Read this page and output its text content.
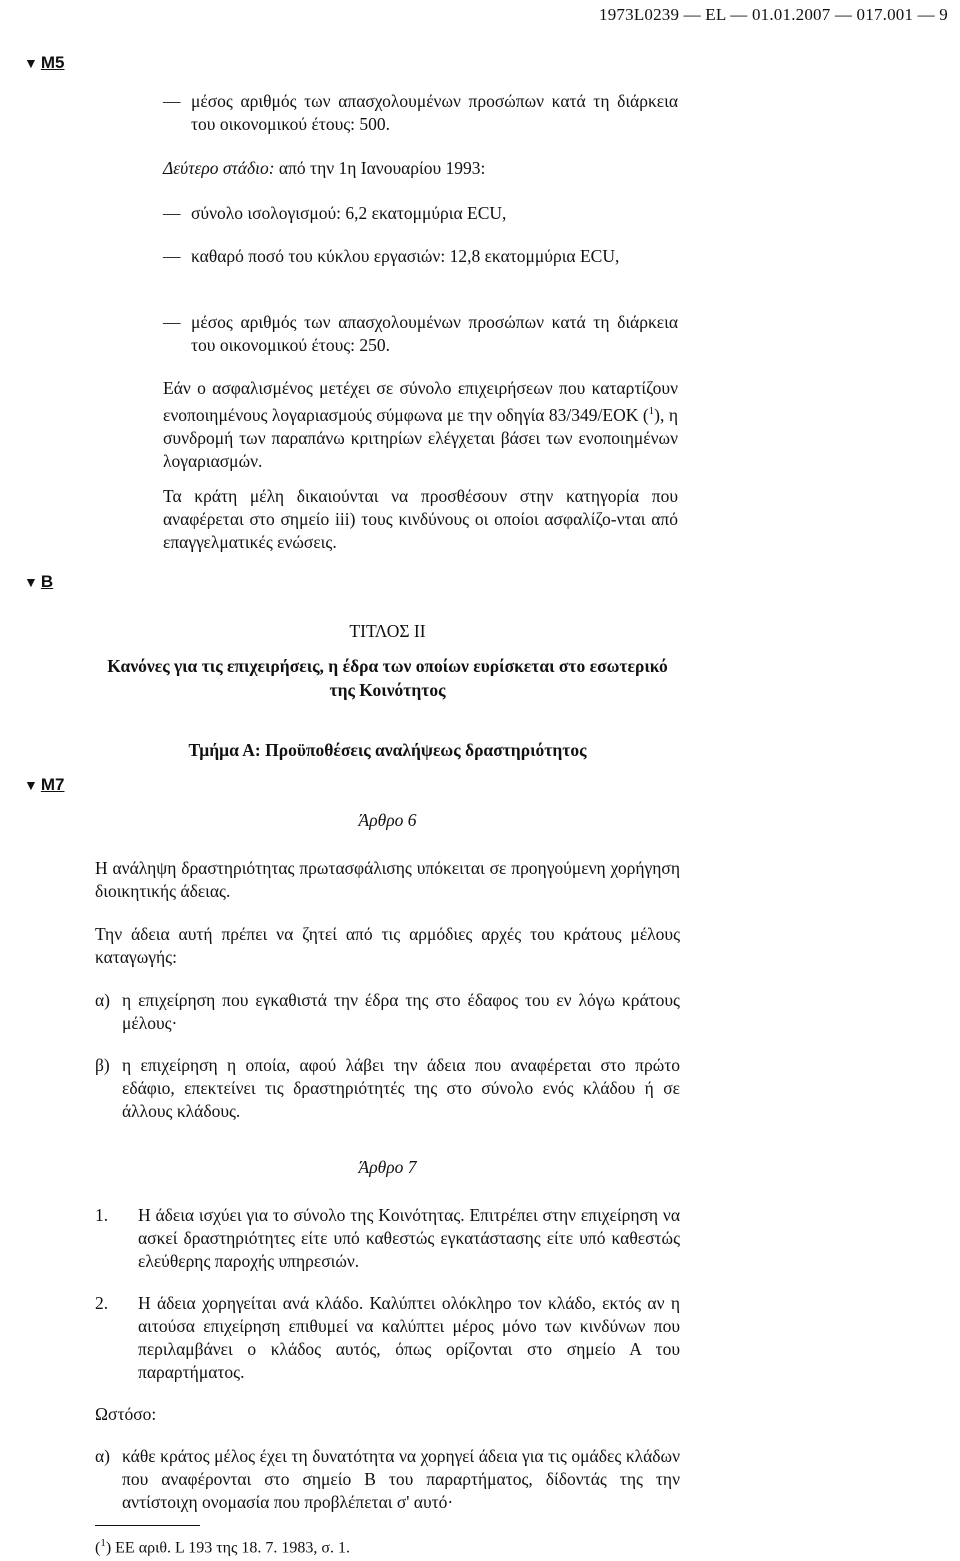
1973L0239 — EL — 01.01.2007 — 017.001 — 9
▼ M5
— μέσος αριθμός των απασχολουμένων προσώπων κατά τη διάρκεια του οικονομικού έτους: 500.
Δεύτερο στάδιο: από την 1η Ιανουαρίου 1993:
— σύνολο ισολογισμού: 6,2 εκατομμύρια ECU,
— καθαρό ποσό του κύκλου εργασιών: 12,8 εκατομμύρια ECU,
— μέσος αριθμός των απασχολουμένων προσώπων κατά τη διάρκεια του οικονομικού έτους: 250.
Εάν ο ασφαλισμένος μετέχει σε σύνολο επιχειρήσεων που καταρτίζουν ενοποιημένους λογαριασμούς σύμφωνα με την οδηγία 83/349/ΕΟΚ ($^1$), η συνδρομή των παραπάνω κριτηρίων ελέγχεται βάσει των ενοποιημένων λογαριασμών.
Τα κράτη μέλη δικαιούνται να προσθέσουν στην κατηγορία που αναφέρεται στο σημείο iii) τους κινδύνους οι οποίοι ασφαλίζο-νται από επαγγελματικές ενώσεις.
▼ B
ΤΙΤΛΟΣ ΙΙ
Κανόνες για τις επιχειρήσεις, η έδρα των οποίων ευρίσκεται στο εσωτερικό της Κοινότητος
Τμήμα Α: Προϋποθέσεις αναλήψεως δραστηριότητος
▼ M7
Άρθρο 6
Η ανάληψη δραστηριότητας πρωτασφάλισης υπόκειται σε προηγούμενη χορήγηση διοικητικής άδειας.
Την άδεια αυτή πρέπει να ζητεί από τις αρμόδιες αρχές του κράτους μέλους καταγωγής:
α) η επιχείρηση που εγκαθιστά την έδρα της στο έδαφος του εν λόγω κράτους μέλους·
β) η επιχείρηση η οποία, αφού λάβει την άδεια που αναφέρεται στο πρώτο εδάφιο, επεκτείνει τις δραστηριότητές της στο σύνολο ενός κλάδου ή σε άλλους κλάδους.
Άρθρο 7
1. Η άδεια ισχύει για το σύνολο της Κοινότητας. Επιτρέπει στην επιχείρηση να ασκεί δραστηριότητες είτε υπό καθεστώς εγκατάστασης είτε υπό καθεστώς ελεύθερης παροχής υπηρεσιών.
2. Η άδεια χορηγείται ανά κλάδο. Καλύπτει ολόκληρο τον κλάδο, εκτός αν η αιτούσα επιχείρηση επιθυμεί να καλύπτει μέρος μόνο των κινδύνων που περιλαμβάνει ο κλάδος αυτός, όπως ορίζονται στο σημείο Α του παραρτήματος.
Ωστόσο:
α) κάθε κράτος μέλος έχει τη δυνατότητα να χορηγεί άδεια για τις ομάδες κλάδων που αναφέρονται στο σημείο Β του παραρτήματος, δίδοντάς της την αντίστοιχη ονομασία που προβλέπεται σ' αυτό·
($^1$) ΕΕ αριθ. L 193 της 18. 7. 1983, σ. 1.
